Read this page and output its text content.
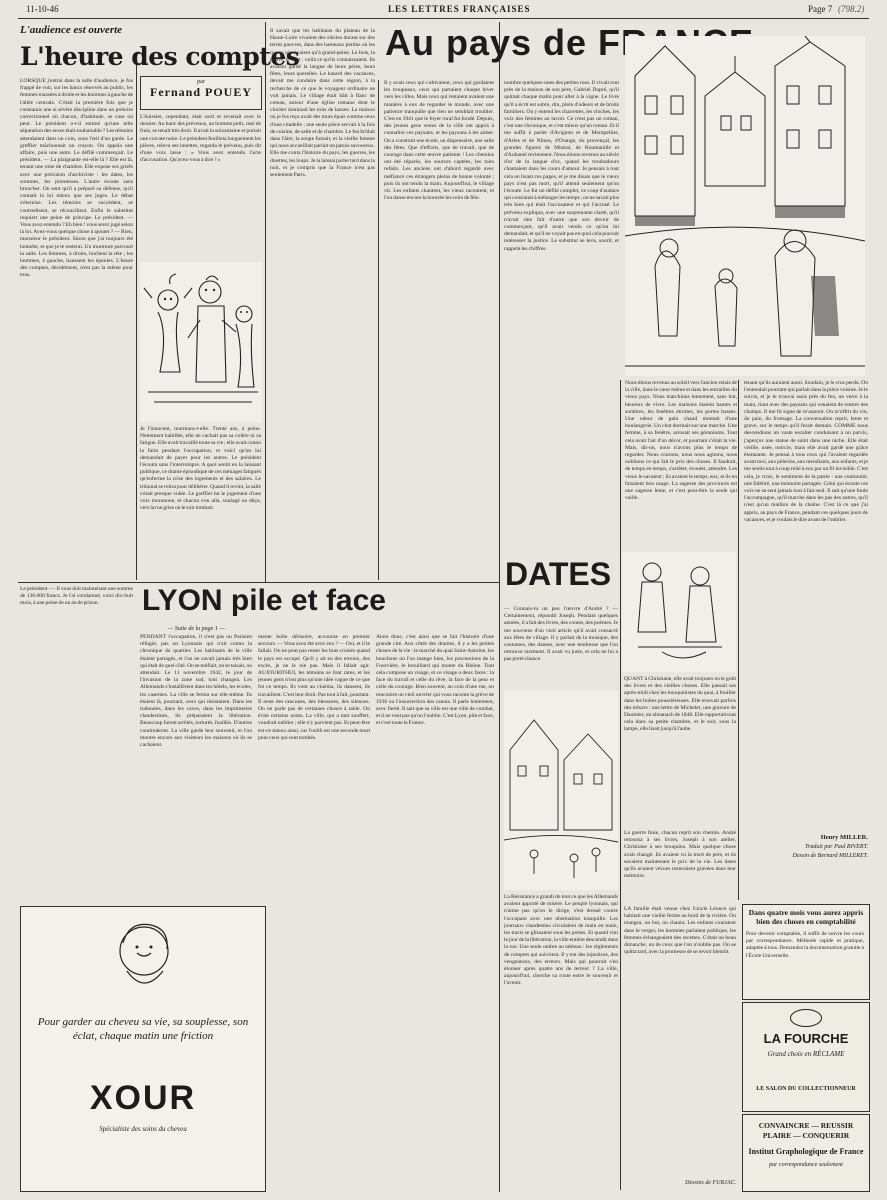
11-10-46	LES LETTRES FRANÇAISES	Page 7 (798.2)
L'audience est ouverte
L'heure des comptes
par
Fernand POUEY
LORSQUE j'entrai dans la salle d'audience, je fus frappé de voir, sur les bancs réservés au public, les femmes massées à droite et les hommes à gauche de l'allée centrale. C'était la première fois que je constatais une si sévère discipline dans un prétoire correctionnel où chacun, d'habitude, se case où peut. Le président a-t-il estimé qu'une telle séparation des sexes était souhaitable ? Les témoins attendaient dans un coin, sous l'œil d'un garde. Le greffier mâchonnait un crayon. On appela une affaire, puis une autre. Le défilé commençait. Le président. — La plaignante est-elle là ? Elle est là, tenant une robe de chambre. Elle expose ses griefs avec une précision d'archiviste : les dates, les sommes, les promesses. L'autre écoute sans broncher. On sent qu'il a préparé sa défense, qu'il connaît la loi mieux que ses juges. Le débat s'éternise. Les témoins se succèdent, se contredisent, se réconcilient. Enfin le substitut requiert une peine de principe. Le président. — Vous avez entendu ? Eh bien ! vous serez jugé selon la loi. Avez-vous quelque chose à ajouter ? — Rien, monsieur le président. Sinon que j'ai toujours été honnête, et que je le resterai. Un murmure parcourt la salle. Les femmes, à droite, hochent la tête ; les hommes, à gauche, haussent les épaules. L'heure des comptes, décidément, n'est pas la même pour tous.
L'huissier, cependant, était sorti et revenait avec le dossier. Au banc des prévenus, un homme petit, rasé de frais, se tenait très droit. Il avait la soixantaine et portait une cravate noire. Le président feuilleta longuement les pièces, releva ses lunettes, regarda le prévenu, puis dit d'une voix lasse : « Vous avez entendu l'acte d'accusation. Qu'avez-vous à dire ? »
Je l'innocent, murmura-t-elle. Trente ans, à peine. Nettement habillée, elle ne cachait pas sa colère ni sa fatigue. Elle avait travaillé toute sa vie ; elle avait connu la faim pendant l'occupation, et voici qu'on lui demandait de payer pour les autres. Le président l'écouta sans l'interrompre. A quoi sentit en la laissant publique, ce drame épisodique de ces ménages fatigués qu'enferme la crise des logements et des salaires. Le tribunal se retira pour délibérer. Quand il revint, la salle s'était presque vidée. Le greffier lut le jugement d'une voix monotone, et chacun s'en alla, soulagé ou déçu, vers la rue grise où le soir tombait.
Au pays de FRANCE
Il savait que les habitants du plateau de la Haute-Loire vivaient des siècles durant sur des terres pauvres, dans des hameaux perdus où les routes n'arrivaient qu'à grand-peine. Le bois, la pierre, le vent : voilà ce qu'ils connaissaient. Ils avaient gardé la langue de leurs pères, leurs fêtes, leurs querelles. Le hasard des vacances, devait me conduire dans cette région, à la recherche de ce que le voyageur ordinaire ne voit jamais. Le village était bâti à flanc de coteau, autour d'une église romane dont le clocher dominait les toits de lauzes. La maison où je fus reçu avait des murs épais comme ceux d'une citadelle ; une seule pièce servait à la fois de cuisine, de salle et de chambre. Le feu brûlait dans l'âtre, la soupe fumait, et la vieille femme qui nous accueillait parlait un patois savoureux. Elle me conta l'histoire du pays, les guerres, les disettes, les loups. Je la laissai parler tard dans la nuit, et je compris que la France n'est pas seulement Paris.
Il y avait ceux qui cultivaient, ceux qui gardaient les troupeaux, ceux qui partaient chaque hiver vers les villes. Mais ceux qui restaient avaient une manière à eux de regarder le monde, avec une patience tranquille que rien ne semblait troubler. C'est en 1941 que le foyer rural fut fondé. Depuis, des jeunes gens venus de la ville ont appris à connaître ces paysans, et les paysans à les aimer. On a construit une école, un dispensaire, une salle des fêtes. Que d'efforts, que de travail, que de courage dans cette œuvre patiente ! Les chemins ont été réparés, les sources captées, les toits refaits. Les anciens ont d'abord regardé avec méfiance ces étrangers pleins de bonne volonté ; puis ils ont tendu la main. Aujourd'hui, le village vit. Les enfants chantent, les vieux racontent, et l'on danse encore la bourrée les soirs de fête.
nombre quelques-unes des petites rues. Il vivait tout près de la maison de son père, Gabriel Dupré, qu'il quittait chaque matin pour aller à la vigne. Le livre qu'il a écrit est sobre, dru, plein d'odeurs et de bruits familiers. On y entend les charrettes, les cloches, les voix des femmes au lavoir. Ce n'est pas un roman, c'est une chronique, et c'est mieux qu'un roman. Et il me suffit à parler d'Avignon et de Montpellier, d'Arles et de Nîmes, d'Orange, du provençal, les grandes figures de Mistral, de Roumanille et d'Aubanel reviennent. Nous étions revenus au siècle d'or de la langue d'oc, quand les troubadours chantaient dans les cours d'amour. Je pensais à tout cela en lisant ces pages, et je me disais que le vieux pays n'est pas mort, qu'il attend seulement qu'on l'écoute. Le fut un défilé complet, ce coup d'audace qui consistait à mélanger les temps ; on ne savait plus très bien qui était l'accusateur et qui l'accusé. Le prévenu expliqua, avec une surprenante clarté, qu'il n'avait rien fait d'autre que son devoir de commerçant, qu'il avait vendu ce qu'on lui demandait, et qu'il ne voyait pas en quoi cela pouvait intéresser la justice. Le substitut se leva, sourit, et rappela les chiffres.
Nous étions revenus au soleil vers l'ancien relais de la ville, dans le cœur même et dans les entrailles du vieux pays. Nous marchions lentement, sans but, heureux de vivre. Les maisons étaient hautes et sombres, les fenêtres étroites, les portes basses. Une odeur de pain chaud montait d'une boulangerie. Un chat dormait sur une marche. Une femme, à sa fenêtre, arrosait ses géraniums. Tout cela avait l'air d'un décor, et pourtant c'était la vie. Mais, dit-on, nous n'avons plus le temps de regarder. Nous courons, nous nous agitons, nous oublions ce qui fait le prix des choses. Il faudrait, de temps en temps, s'arrêter, écouter, attendre. Les vieux le savaient ; ils avaient le temps, eux, et ils en faisaient bon usage. La sagesse des provinces est une sagesse lente, et c'est peut-être la seule qui vaille.
tenant qu'ils auraient aussi. Soudain, je le crus perdu. On l'entendait pourtant qui parlait dans la pièce voisine. Je le suivis, et je le trouvai assis près du feu, un verre à la main, riant avec des paysans qui venaient de rentrer des champs. Il me fit signe de m'asseoir. On m'offrit du vin, du pain, du fromage. La conversation reprit, lente et grave, sur le temps qu'il ferait demain. COMME nous descendions un vaste escalier conduisant à un parvis, j'aperçus une statue de saint dans une niche. Elle était vieille, usée, noircie, mais elle avait gardé une grâce étonnante. Je pensai à tous ceux qui l'avaient regardée avant moi, aux pèlerins, aux mendiants, aux enfants, et je me sentis tout à coup relié à eux par un fil invisible. C'est cela, je crois, le sentiment de la patrie : une continuité, une fidélité, une mémoire partagée. Celui qui écoute ces voix ne se sent jamais tout à fait seul. Il sait qu'une foule l'accompagne, qu'il marche dans les pas des autres, qu'il n'est qu'un maillon de la chaîne. C'est là ce que j'ai appris, au pays de France, pendant ces quelques jours de vacances, et je voulais le dire avant de l'oublier.
Henry MILLER.
Traduit par Paul RIVERT.
Dessin de Bernard MILLERET.
LYON pile et face
— Suite de la page 1 —
PENDANT l'occupation, il n'est pas un Parisien réfugié, pas un Lyonnais qui n'ait connu la chronique du quartier. Les habitants de la ville étaient partagés, et l'on ne savait jamais très bien qui était de quel côté. On se méfiait, on se taisait, on attendait. Le 11 novembre 1942, le jour de l'invasion de la zone sud, tout changea. Les Allemands s'installèrent dans les hôtels, les écoles, les casernes. La ville se ferma sur elle-même. Ils étaient là, pourtant, ceux qui résistaient. Dans les traboules, dans les caves, dans les imprimeries clandestines, ils préparaient la libération. Beaucoup furent arrêtés, torturés, fusillés. D'autres continuèrent. La ville garde leur souvenir, et l'on montre encore aux visiteurs les maisons où ils se cachaient.
mente boîte dérisoire, accourue en premier secours. — Vous avez été avec eux ? — Oui, et il le fallait. On ne peut pas rester les bras croisés quand le pays est occupé. Qu'il y ait eu des erreurs, des excès, je ne le nie pas. Mais il fallait agir. AUJOURD'HUI, les témoins se font rares, et les jeunes gens n'ont plus qu'une idée vague de ce que fut ce temps. Ils vont au cinéma, ils dansent, ils travaillent. C'est leur droit. Pas tout à fait, pourtant. Il reste des rancunes, des blessures, des silences. On ne parle pas de certaines choses à table. On évite certains noms. La ville, qui a tant souffert, voudrait oublier ; elle n'y parvient pas. Et peut-être est-ce mieux ainsi, car l'oubli est une seconde mort pour ceux qui sont tombés.
Alors donc, c'est ainsi que se fait l'histoire d'une grande cité. Aux côtés des drames, il y a les petites choses de la vie : le marché du quai Saint-Antoine, les bouchons où l'on mange bien, les processions de la Fourvière, le brouillard qui monte du Rhône. Tout cela compose un visage, et ce visage a deux faces : la face du travail et celle du rêve, la face de la peur et celle du courage. Bien souvent, au coin d'une rue, on rencontre un vieil ouvrier qui vous raconte la grève de 1936 ou l'insurrection des canuts. Il parle lentement, avec fierté. Il sait que sa ville est une ville de combat, et il ne veut pas qu'on l'oublie. C'est Lyon, pile et face, et c'est toute la France.
Le président. — Il vous doit maintenant une somme de 138.000 francs. Je l'ai condamné, voici dix-huit mois, à une peine de un an de prison.
Pour garder au cheveu sa vie, sa souplesse, son éclat, chaque matin une friction
XOUR
Spécialiste des soins du cheveu
DATES
— Connais-tu un peu l'œuvre d'André ? — Certainement, répondit Joseph. Pendant quelques années, il a fait des livres, des contes, des poèmes. Je me souviens d'un vieil article qu'il avait consacré aux fêtes de village. Il y parlait de la musique, des costumes, des danses, avec une tendresse que l'on retrouve rarement. Il avait vu juste, et cela ne lui a pas porté chance.
QUANT à Christiane, elle avait toujours eu le goût des livres et des vieilles choses. Elle passait ses après-midi chez les bouquinistes du quai, à fouiller dans les boîtes poussiéreuses. Elle trouvait parfois des trésors : une lettre de Michelet, une gravure de Daumier, un almanach de 1848. Elle rapportait tout cela dans sa petite chambre, et le soir, sous la lampe, elle lisait jusqu'à l'aube.
La guerre finie, chacun reprit son chemin. André retourna à ses livres, Joseph à son atelier, Christiane à ses bouquins. Mais quelque chose avait changé. Ils avaient vu la mort de près, et ils savaient maintenant le prix de la vie. Les dates qu'ils avaient vécues resteraient gravées dans leur mémoire.
La Résistance a grandi de tout ce que les Allemands avaient apporté de misère. Le peuple lyonnais, qui n'aime pas qu'on le dirige, s'est dressé contre l'occupant avec une obstination tranquille. Les journaux clandestins circulaient de main en main, les tracts se glissaient sous les portes. Et quand vint le jour de la libération, la ville entière descendit dans la rue. Une seule ombre au tableau : les règlements de comptes qui suivirent. Il y eut des injustices, des vengeances, des erreurs. Mais qui pourrait s'en étonner après quatre ans de terreur ? La ville, aujourd'hui, cherche sa route entre le souvenir et l'avenir.
LA famille était venue chez l'oncle Léonce qui habitait une vieille ferme au bord de la rivière. On mangea, on but, on chanta. Les enfants couraient dans le verger, les hommes parlaient politique, les femmes échangeaient des recettes. C'était un beau dimanche, un de ceux que l'on n'oublie pas. On se quitta tard, avec la promesse de se revoir bientôt.
Dessins de FURJAC.
Dans quatre mois vous aurez appris bien des choses en comptabilité
Pour devenir comptable, il suffit de suivre les cours par correspondance. Méthode rapide et pratique, adaptée à tous. Demandez la documentation gratuite à l'École Universelle.
LA FOURCHE
Grand choix en RÉCLAME
LE SALON DU COLLECTIONNEUR
CONVAINCRE — REUSSIR PLAIRE — CONQUERIR
Institut Graphologique de France
par correspondance seulement
